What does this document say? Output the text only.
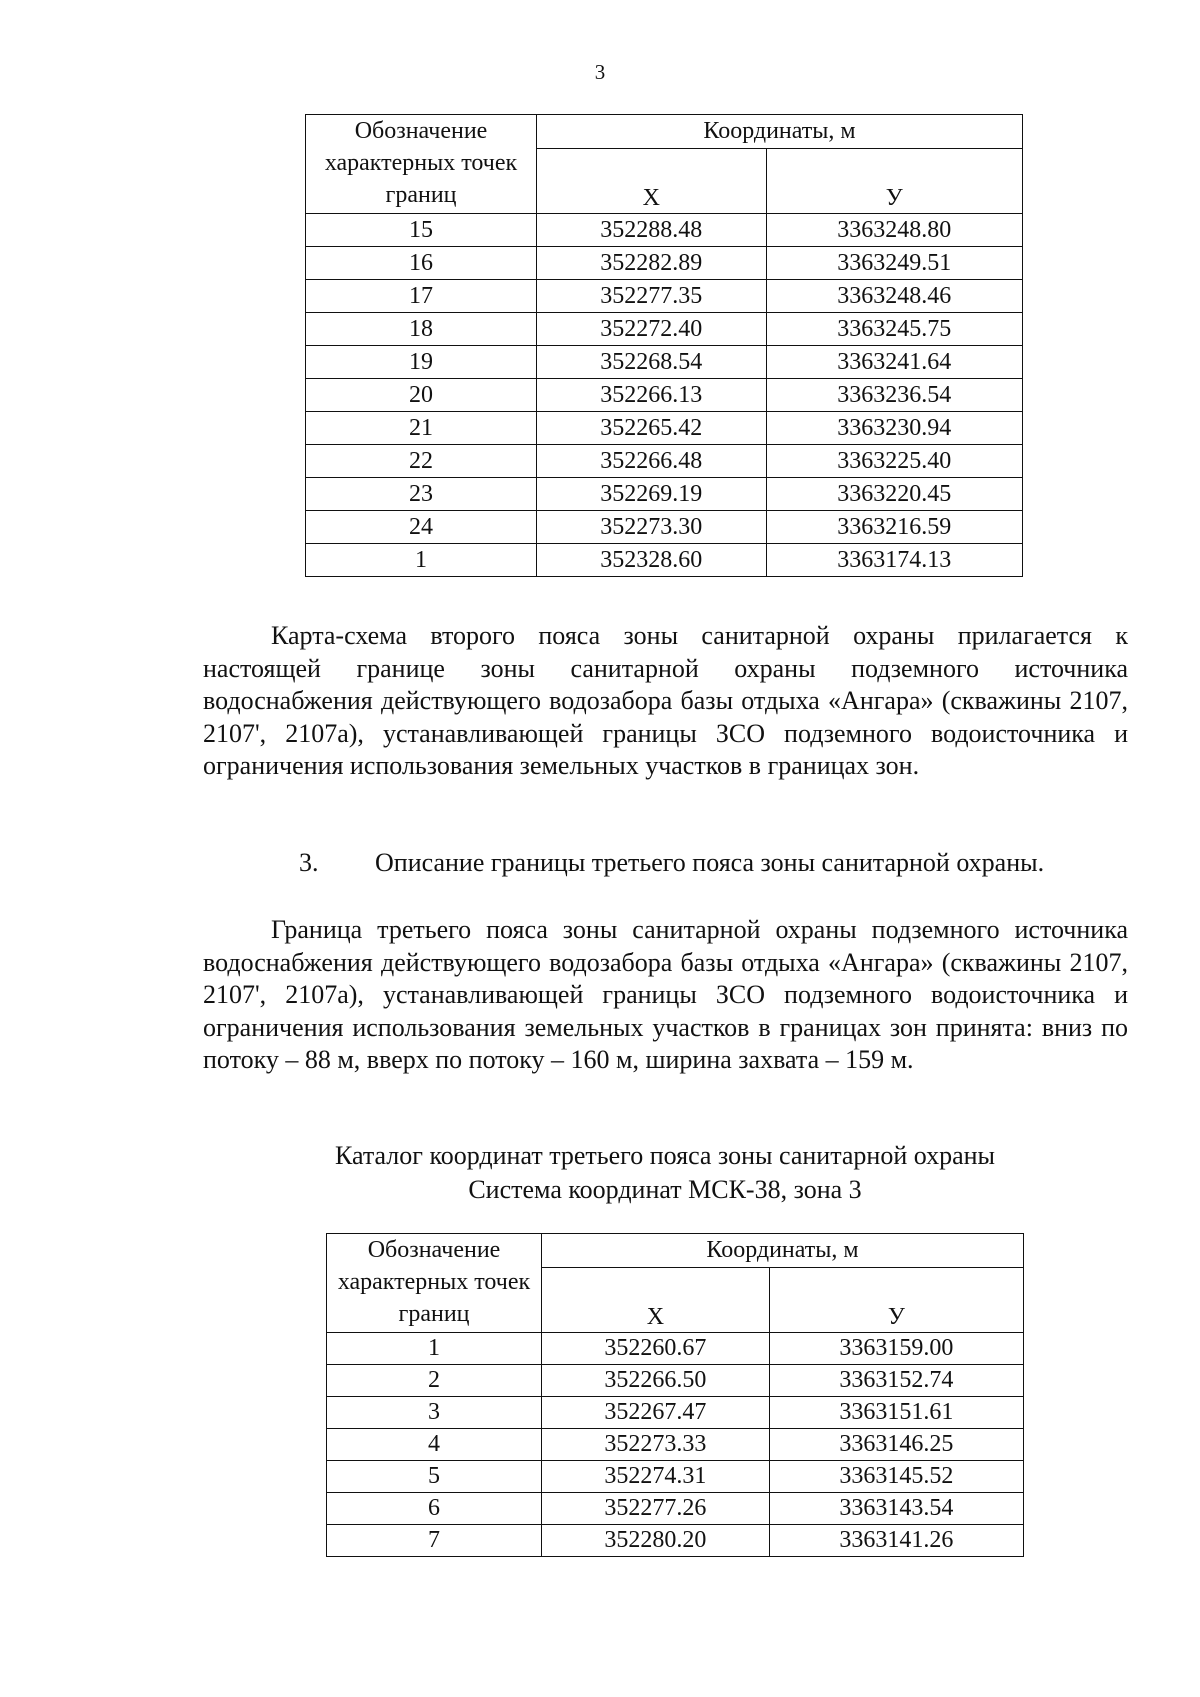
3
Обозначение характерных точек границ	Координаты, м	
	X	У
15	352288.48	3363248.80
16	352282.89	3363249.51
17	352277.35	3363248.46
18	352272.40	3363245.75
19	352268.54	3363241.64
20	352266.13	3363236.54
21	352265.42	3363230.94
22	352266.48	3363225.40
23	352269.19	3363220.45
24	352273.30	3363216.59
1	352328.60	3363174.13

Карта-схема второго пояса зоны санитарной охраны прилагается к настоящей границе зоны санитарной охраны подземного источника водоснабжения действующего водозабора базы отдыха «Ангара» (скважины 2107, 2107', 2107а), устанавливающей границы ЗСО подземного водоисточника и ограничения использования земельных участков в границах зон.

3. Описание границы третьего пояса зоны санитарной охраны.

Граница третьего пояса зоны санитарной охраны подземного источника водоснабжения действующего водозабора базы отдыха «Ангара» (скважины 2107, 2107', 2107а), устанавливающей границы ЗСО подземного водоисточника и ограничения использования земельных участков в границах зон принята: вниз по потоку – 88 м, вверх по потоку – 160 м, ширина захвата – 159 м.

Каталог координат третьего пояса зоны санитарной охраны
Система координат МСК-38, зона 3
Обозначение характерных точек границ	Координаты, м	
	X	У
1	352260.67	3363159.00
2	352266.50	3363152.74
3	352267.47	3363151.61
4	352273.33	3363146.25
5	352274.31	3363145.52
6	352277.26	3363143.54
7	352280.20	3363141.26
